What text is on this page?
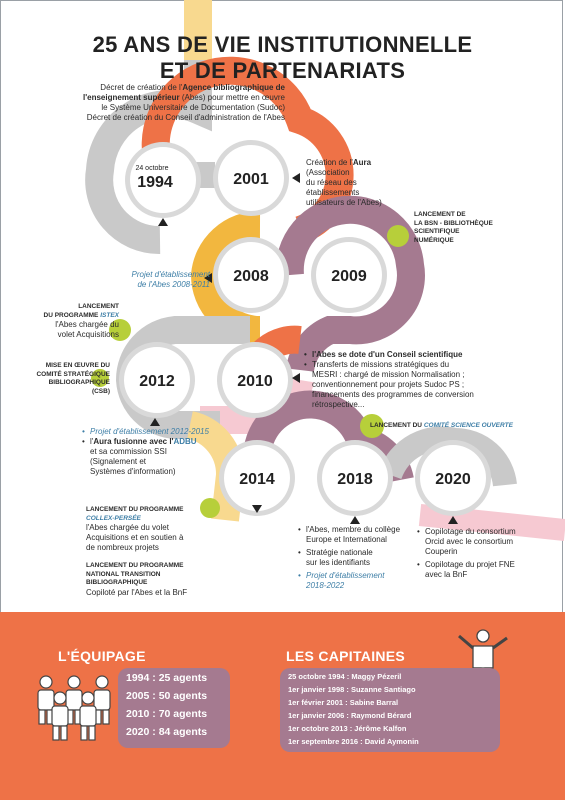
24 octobre
1994	2001
2008	2009
2010
2012
2014	2018	2020
25 ANS DE VIE INSTITUTIONNELLE
ET DE PARTENARIATS
Décret de création de l'Agence bibliographique de
l'enseignement supérieur (Abes) pour mettre en œuvre
le Système Universitaire de Documentation (Sudoc)
Décret de création du Conseil d'administration de l'Abes
Création de l'Aura
(Association
du réseau des
établissements
utilisateurs de l'Abes)
LANCEMENT DE
LA BSN - BIBLIOTHÈQUE
SCIENTIFIQUE
NUMÉRIQUE
Projet d'établissement
de l'Abes 2008-2011
LANCEMENT
DU PROGRAMME ISTEX
l'Abes chargée du
volet Acquisitions
MISE EN ŒUVRE DU
COMITÉ STRATÉGIQUE
BIBLIOGRAPHIQUE
(CSB)
• l'Abes se dote d'un Conseil scientifique
• Transferts de missions stratégiques du
MESRI : chargé de mission Normalisation ;
conventionnement pour projets Sudoc PS ;
financements des programmes de conversion
rétrospective...
• Projet d'établissement 2012-2015
• l'Aura fusionne avec l'ADBU
et sa commission SSI
(Signalement et
Systèmes d'information)
LANCEMENT DU COMITÉ SCIENCE OUVERTE
LANCEMENT DU PROGRAMME
COLLEX-PERSÉE
l'Abes chargée du volet
Acquisitions et en soutien à
de nombreux projets
LANCEMENT DU PROGRAMME
NATIONAL TRANSITION
BIBLIOGRAPHIQUE
Copiloté par l'Abes et la BnF
• l'Abes, membre du collège
Europe et International
• Stratégie nationale
sur les identifiants
• Projet d'établissement
2018-2022
• Copilotage du consortium
Orcid avec le consortium
Couperin
• Copilotage du projet FNE
avec la BnF
L'ÉQUIPAGE	LES CAPITAINES
1994 : 25 agents
2005 : 50 agents
2010 : 70 agents
2020 : 84 agents
25 octobre 1994 : Maggy Pézeril
1er janvier 1998 : Suzanne Santiago
1er février 2001 : Sabine Barral
1er janvier 2006 : Raymond Bérard
1er octobre 2013 : Jérôme Kalfon
1er septembre 2016 : David Aymonin
